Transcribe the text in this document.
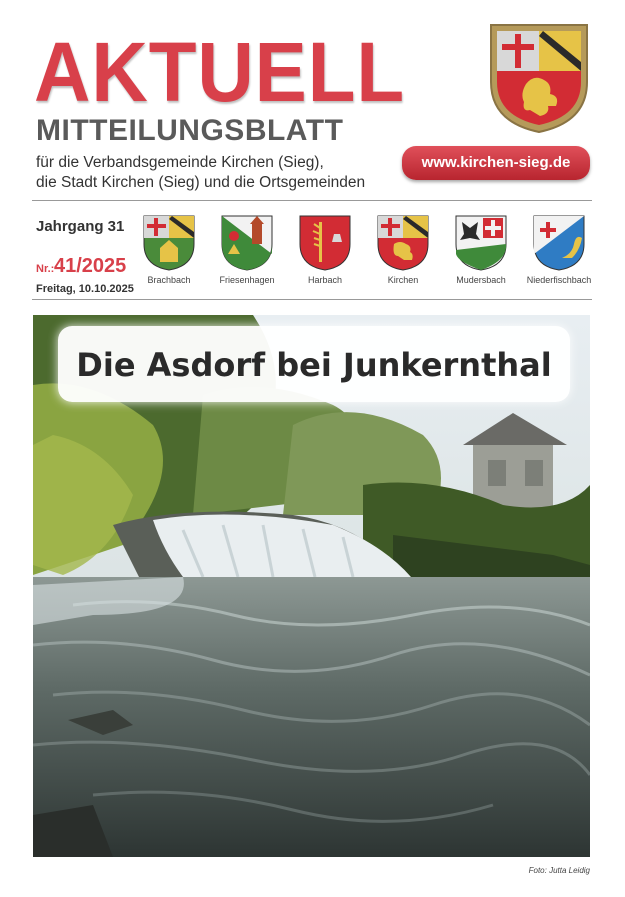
AKTUELL
MITTEILUNGSBLATT
für die Verbandsgemeinde Kirchen (Sieg),
die Stadt Kirchen (Sieg) und die Ortsgemeinden
www.kirchen-sieg.de
Jahrgang 31
Nr.: 41/2025
Freitag, 10.10.2025
Brachbach	Friesenhagen	Harbach	Kirchen	Mudersbach	Niederfischbach
Die Asdorf bei Junkernthal
Foto: Jutta Leidig
